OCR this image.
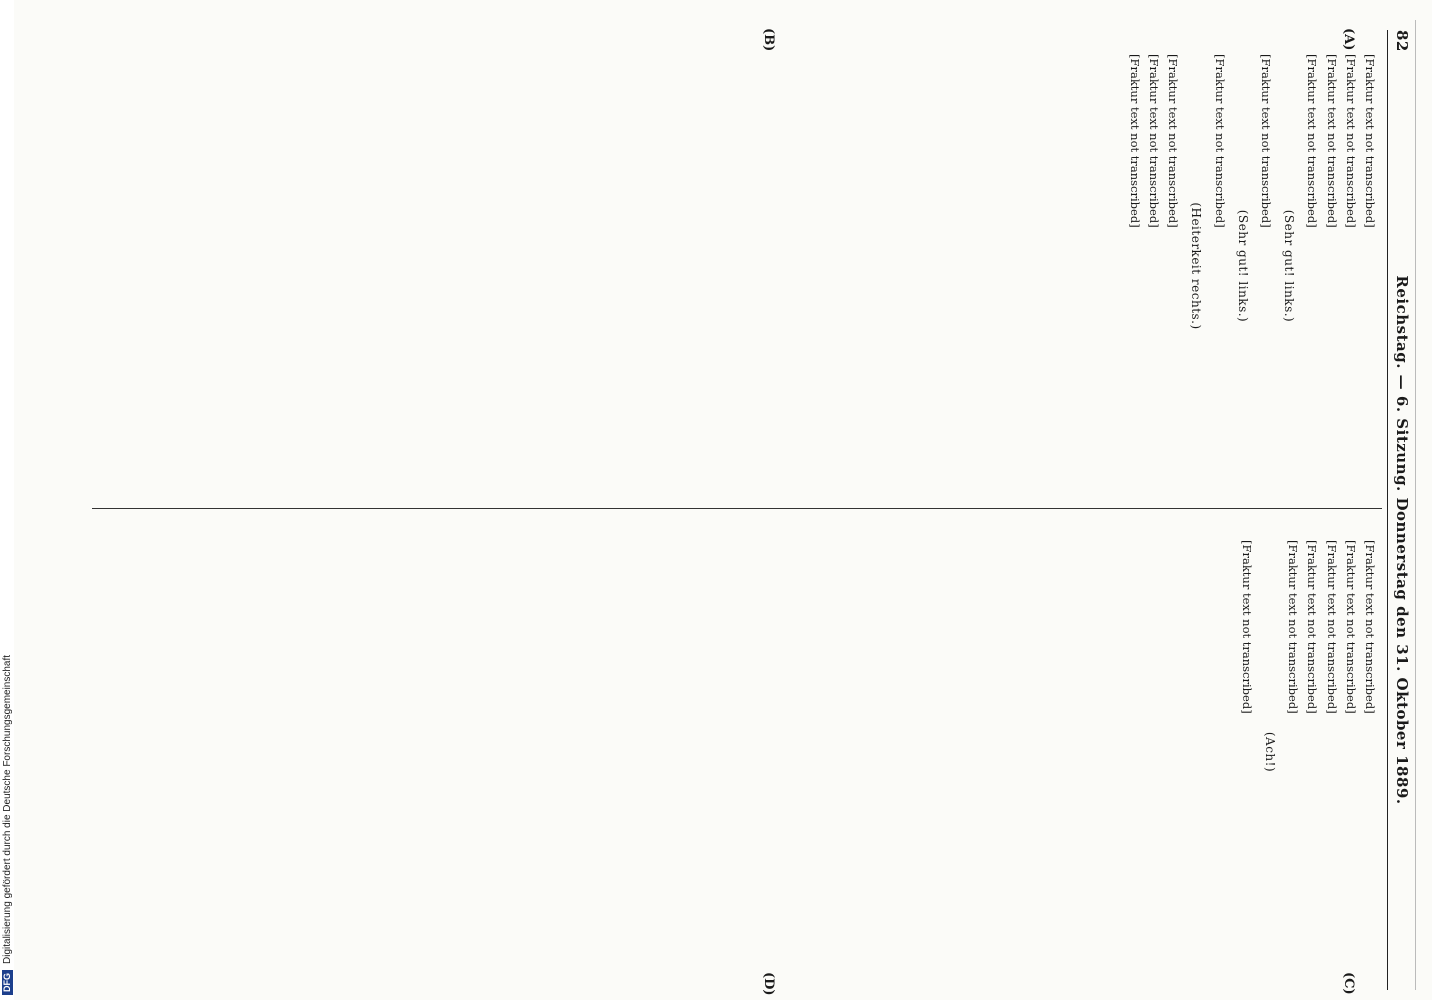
82
Reichstag. — 6. Sitzung. Donnerstag den 31. Oktober 1889.
(A)
(B)
(C)
(D)

[Fraktur text not transcribed]

[Fraktur text not transcribed]

[Fraktur text not transcribed]

[Fraktur text not transcribed]

(Sehr gut! links.)

[Fraktur text not transcribed]

(Sehr gut! links.)

[Fraktur text not transcribed]

(Heiterkeit rechts.)

[Fraktur text not transcribed]

[Fraktur text not transcribed]

[Fraktur text not transcribed]

[Fraktur text not transcribed]

[Fraktur text not transcribed]

[Fraktur text not transcribed]

[Fraktur text not transcribed]

[Fraktur text not transcribed]

(Ach!)

[Fraktur text not transcribed]

DFG
Digitalisierung gefördert durch die Deutsche Forschungsgemeinschaft
